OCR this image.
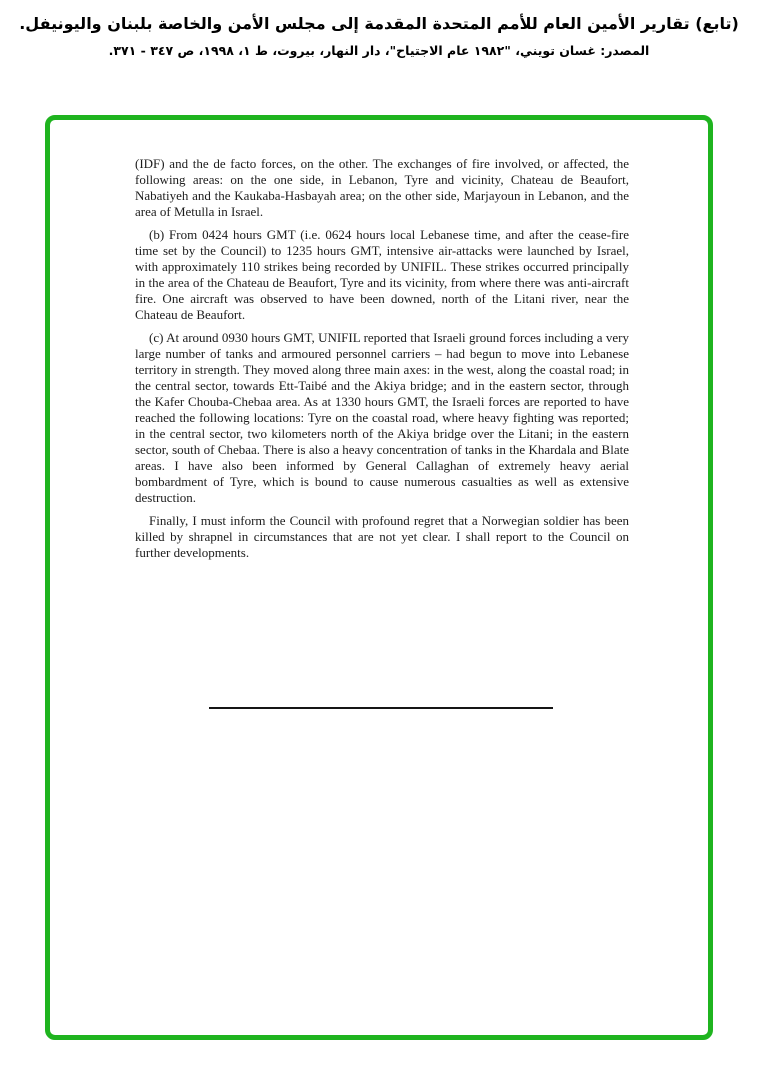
(تابع) تقارير الأمين العام للأمم المتحدة المقدمة إلى مجلس الأمن والخاصة بلبنان واليونيفل.
المصدر: غسان تويني، "١٩٨٢ عام الاجتياح"، دار النهار، بيروت، ط ١، ١٩٩٨، ص ٣٤٧ - ٣٧١.

(IDF) and the de facto forces, on the other. The exchanges of fire involved, or affected, the following areas: on the one side, in Lebanon, Tyre and vicinity, Chateau de Beaufort, Nabatiyeh and the Kaukaba-Hasbayah area; on the other side, Marjayoun in Lebanon, and the area of Metulla in Israel.

(b) From 0424 hours GMT (i.e. 0624 hours local Lebanese time, and after the cease-fire time set by the Council) to 1235 hours GMT, intensive air-attacks were launched by Israel, with approximately 110 strikes being recorded by UNIFIL. These strikes occurred principally in the area of the Chateau de Beaufort, Tyre and its vicinity, from where there was anti-aircraft fire. One aircraft was observed to have been downed, north of the Litani river, near the Chateau de Beaufort.

(c) At around 0930 hours GMT, UNIFIL reported that Israeli ground forces including a very large number of tanks and armoured personnel carriers – had begun to move into Lebanese territory in strength. They moved along three main axes: in the west, along the coastal road; in the central sector, towards Ett-Taibé and the Akiya bridge; and in the eastern sector, through the Kafer Chouba-Chebaa area. As at 1330 hours GMT, the Israeli forces are reported to have reached the following locations: Tyre on the coastal road, where heavy fighting was reported; in the central sector, two kilometers north of the Akiya bridge over the Litani; in the eastern sector, south of Chebaa. There is also a heavy concentration of tanks in the Khardala and Blate areas. I have also been informed by General Callaghan of extremely heavy aerial bombardment of Tyre, which is bound to cause numerous casualties as well as extensive destruction.

Finally, I must inform the Council with profound regret that a Norwegian soldier has been killed by shrapnel in circumstances that are not yet clear. I shall report to the Council on further developments.
